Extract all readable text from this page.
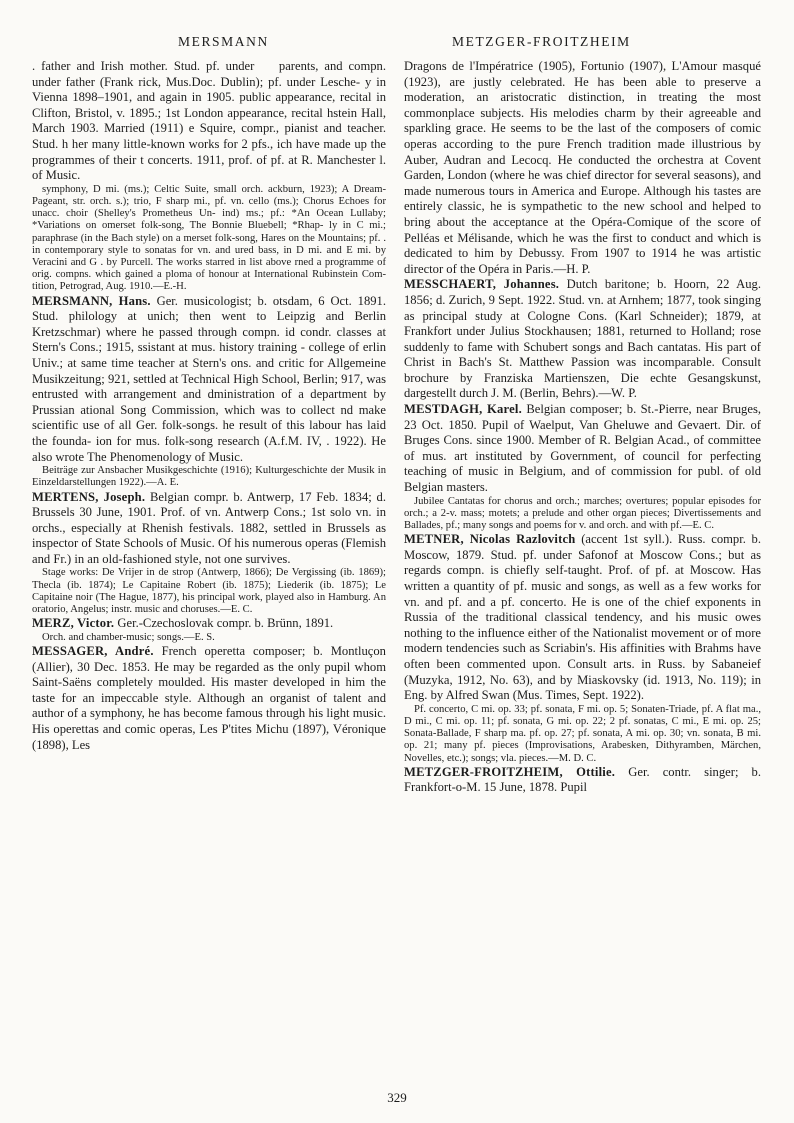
MERSMANN	METZGER-FROITZHEIM

. father and Irish mother. Stud. pf. under   parents, and compn. under father (Frank rick, Mus.Doc. Dublin); pf. under Lesche- y in Vienna 1898–1901, and again in 1905. public appearance, recital in Clifton, Bristol, v. 1895.; 1st London appearance, recital hstein Hall, March 1903. Married (1911) e Squire, compr., pianist and teacher. Stud. h her many little-known works for 2 pfs., ich have made up the programmes of their t concerts. 1911, prof. of pf. at R. Manchester l. of Music.

symphony, D mi. (ms.); Celtic Suite, small orch. ackburn, 1923); A Dream-Pageant, str. orch. s.); trio, F sharp mi., pf. vn. cello (ms.); Chorus Echoes for unacc. choir (Shelley's Prometheus Un- ind) ms.; pf.: *An Ocean Lullaby; *Variations on omerset folk-song, The Bonnie Bluebell; *Rhap- ly in C mi.; paraphrase (in the Bach style) on a merset folk-song, Hares on the Mountains; pf. . in contemporary style to sonatas for vn. and ured bass, in D mi. and E mi. by Veracini and G . by Purcell. The works starred in list above rned a programme of orig. compns. which gained a ploma of honour at International Rubinstein Com- tition, Petrograd, Aug. 1910.—E.-H.

MERSMANN, Hans. Ger. musicologist; b. otsdam, 6 Oct. 1891. Stud. philology at unich; then went to Leipzig and Berlin Kretzschmar) where he passed through compn. id condr. classes at Stern's Cons.; 1915, ssistant at mus. history training - college of erlin Univ.; at same time teacher at Stern's ons. and critic for Allgemeine Musikzeitung; 921, settled at Technical High School, Berlin; 917, was entrusted with arrangement and dministration of a department by Prussian ational Song Commission, which was to collect nd make scientific use of all Ger. folk-songs. he result of this labour has laid the founda- ion for mus. folk-song research (A.f.M. IV, . 1922). He also wrote The Phenomenology of Music.

Beiträge zur Ansbacher Musikgeschichte (1916); Kulturgeschichte der Musik in Einzeldarstellungen 1922).—A. E.

MERTENS, Joseph. Belgian compr. b. Antwerp, 17 Feb. 1834; d. Brussels 30 June, 1901. Prof. of vn. Antwerp Cons.; 1st solo vn. in orchs., especially at Rhenish festivals. 1882, settled in Brussels as inspector of State Schools of Music. Of his numerous operas (Flemish and Fr.) in an old-fashioned style, not one survives.

Stage works: De Vrijer in de strop (Antwerp, 1866); De Vergissing (ib. 1869); Thecla (ib. 1874); Le Capitaine Robert (ib. 1875); Liederik (ib. 1875); Le Capitaine noir (The Hague, 1877), his principal work, played also in Hamburg. An oratorio, Angelus; instr. music and choruses.—E. C.

MERZ, Victor. Ger.-Czechoslovak compr. b. Brünn, 1891.

Orch. and chamber-music; songs.—E. S.

MESSAGER, André. French operetta composer; b. Montluçon (Allier), 30 Dec. 1853. He may be regarded as the only pupil whom Saint-Saëns completely moulded. His master developed in him the taste for an impeccable style. Although an organist of talent and author of a symphony, he has become famous through his light music. His operettas and comic operas, Les P'tites Michu (1897), Véronique (1898), Les

Dragons de l'Impératrice (1905), Fortunio (1907), L'Amour masqué (1923), are justly celebrated. He has been able to preserve a moderation, an aristocratic distinction, in treating the most commonplace subjects. His melodies charm by their agreeable and sparkling grace. He seems to be the last of the composers of comic operas according to the pure French tradition made illustrious by Auber, Audran and Lecocq. He conducted the orchestra at Covent Garden, London (where he was chief director for several seasons), and made numerous tours in America and Europe. Although his tastes are entirely classic, he is sympathetic to the new school and helped to bring about the acceptance at the Opéra-Comique of the score of Pelléas et Mélisande, which he was the first to conduct and which is dedicated to him by Debussy. From 1907 to 1914 he was artistic director of the Opéra in Paris.—H. P.

MESSCHAERT, Johannes. Dutch baritone; b. Hoorn, 22 Aug. 1856; d. Zurich, 9 Sept. 1922. Stud. vn. at Arnhem; 1877, took singing as principal study at Cologne Cons. (Karl Schneider); 1879, at Frankfort under Julius Stockhausen; 1881, returned to Holland; rose suddenly to fame with Schubert songs and Bach cantatas. His part of Christ in Bach's St. Matthew Passion was incomparable. Consult brochure by Franziska Martienszen, Die echte Gesangskunst, dargestellt durch J. M. (Berlin, Behrs).—W. P.

MESTDAGH, Karel. Belgian composer; b. St.-Pierre, near Bruges, 23 Oct. 1850. Pupil of Waelput, Van Gheluwe and Gevaert. Dir. of Bruges Cons. since 1900. Member of R. Belgian Acad., of committee of mus. art instituted by Government, of council for perfecting teaching of music in Belgium, and of commission for publ. of old Belgian masters.

Jubilee Cantatas for chorus and orch.; marches; overtures; popular episodes for orch.; a 2-v. mass; motets; a prelude and other organ pieces; Divertissements and Ballades, pf.; many songs and poems for v. and orch. and with pf.—E. C.

METNER, Nicolas Razlovitch (accent 1st syll.). Russ. compr. b. Moscow, 1879. Stud. pf. under Safonof at Moscow Cons.; but as regards compn. is chiefly self-taught. Prof. of pf. at Moscow. Has written a quantity of pf. music and songs, as well as a few works for vn. and pf. and a pf. concerto. He is one of the chief exponents in Russia of the traditional classical tendency, and his music owes nothing to the influence either of the Nationalist movement or of more modern tendencies such as Scriabin's. His affinities with Brahms have often been commented upon. Consult arts. in Russ. by Sabaneief (Muzyka, 1912, No. 63), and by Miaskovsky (id. 1913, No. 119); in Eng. by Alfred Swan (Mus. Times, Sept. 1922).

Pf. concerto, C mi. op. 33; pf. sonata, F mi. op. 5; Sonaten-Triade, pf. A flat ma., D mi., C mi. op. 11; pf. sonata, G mi. op. 22; 2 pf. sonatas, C mi., E mi. op. 25; Sonata-Ballade, F sharp ma. pf. op. 27; pf. sonata, A mi. op. 30; vn. sonata, B mi. op. 21; many pf. pieces (Improvisations, Arabesken, Dithyramben, Märchen, Novelles, etc.); songs; vla. pieces.—M. D. C.

METZGER-FROITZHEIM, Ottilie. Ger. contr. singer; b. Frankfort-o-M. 15 June, 1878. Pupil

329
